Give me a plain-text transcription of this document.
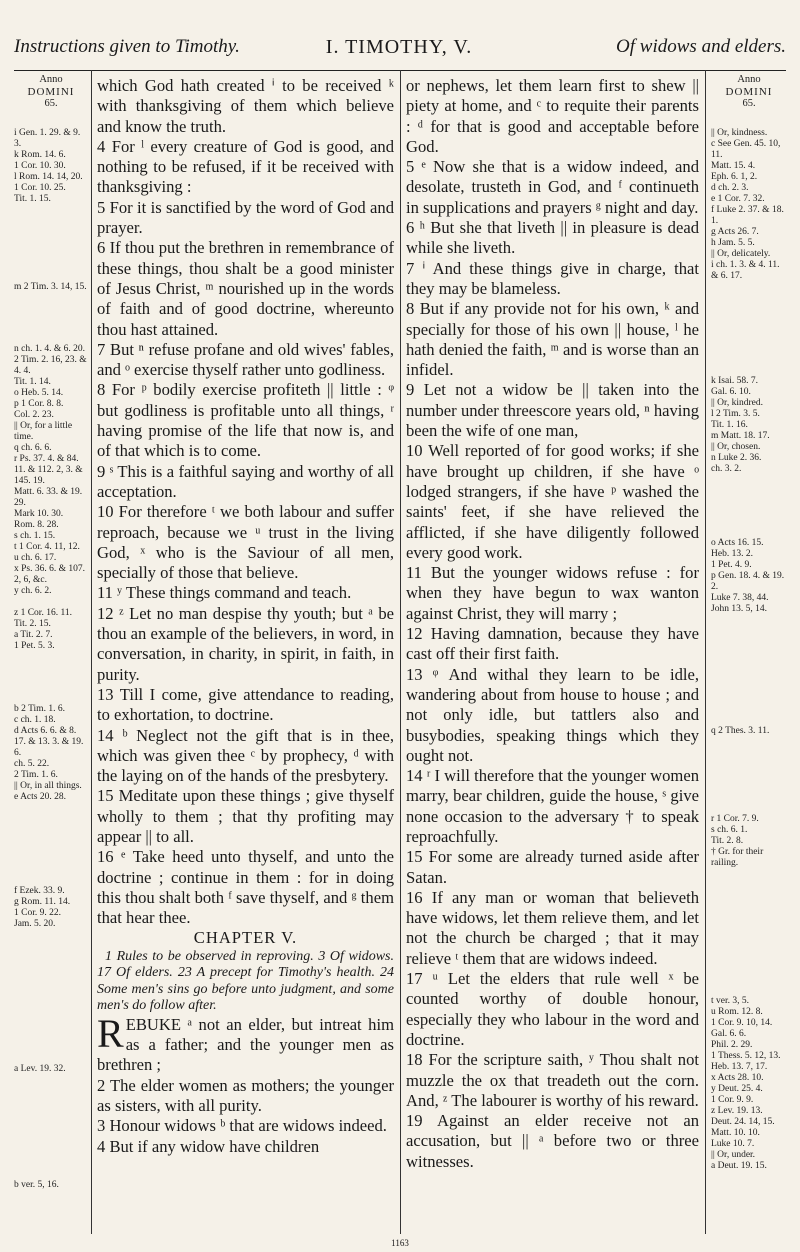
Instructions given to Timothy.	I. TIMOTHY, V.	Of widows and elders.
Anno
DOMINI
65.
i Gen. 1. 29. & 9. 3.
k Rom. 14. 6.
1 Cor. 10. 30.
l Rom. 14. 14, 20.
1 Cor. 10. 25.
Tit. 1. 15.
m 2 Tim. 3. 14, 15.
n ch. 1. 4. & 6. 20.
2 Tim. 2. 16, 23. & 4. 4.
Tit. 1. 14.
o Heb. 5. 14.
p 1 Cor. 8. 8.
Col. 2. 23.
|| Or, for a little time.
q ch. 6. 6.
r Ps. 37. 4. & 84. 11. & 112. 2, 3. & 145. 19.
Matt. 6. 33. & 19. 29.
Mark 10. 30.
Rom. 8. 28.
s ch. 1. 15.
t 1 Cor. 4. 11, 12.
u ch. 6. 17.
x Ps. 36. 6. & 107. 2, 6, &c.
y ch. 6. 2.
z 1 Cor. 16. 11.
Tit. 2. 15.
a Tit. 2. 7.
1 Pet. 5. 3.
b 2 Tim. 1. 6.
c ch. 1. 18.
d Acts 6. 6. & 8. 17. & 13. 3. & 19. 6.
ch. 5. 22.
2 Tim. 1. 6.
|| Or, in all things.
e Acts 20. 28.
f Ezek. 33. 9.
g Rom. 11. 14.
1 Cor. 9. 22.
Jam. 5. 20.
a Lev. 19. 32.
b ver. 5, 16.

which God hath created ⁱ to be received ᵏ with thanksgiving of them which believe and know the truth.

4 For ˡ every creature of God is good, and nothing to be refused, if it be received with thanksgiving :

5 For it is sanctified by the word of God and prayer.

6 If thou put the brethren in remembrance of these things, thou shalt be a good minister of Jesus Christ, ᵐ nourished up in the words of faith and of good doctrine, whereunto thou hast attained.

7 But ⁿ refuse profane and old wives' fables, and ᵒ exercise thyself rather unto godliness.

8 For ᵖ bodily exercise profiteth || little : ᵠ but godliness is profitable unto all things, ʳ having promise of the life that now is, and of that which is to come.

9 ˢ This is a faithful saying and worthy of all acceptation.

10 For therefore ᵗ we both labour and suffer reproach, because we ᵘ trust in the living God, ˣ who is the Saviour of all men, specially of those that believe.

11 ʸ These things command and teach.

12 ᶻ Let no man despise thy youth; but ᵃ be thou an example of the believers, in word, in conversation, in charity, in spirit, in faith, in purity.

13 Till I come, give attendance to reading, to exhortation, to doctrine.

14 ᵇ Neglect not the gift that is in thee, which was given thee ᶜ by prophecy, ᵈ with the laying on of the hands of the presbytery.

15 Meditate upon these things ; give thyself wholly to them ; that thy profiting may appear || to all.

16 ᵉ Take heed unto thyself, and unto the doctrine ; continue in them : for in doing this thou shalt both ᶠ save thyself, and ᵍ them that hear thee.

CHAPTER V.

1 Rules to be observed in reproving. 3 Of widows. 17 Of elders. 23 A precept for Timothy's health. 24 Some men's sins go before unto judgment, and some men's do follow after.

REBUKE ᵃ not an elder, but intreat him as a father; and the younger men as brethren ;

2 The elder women as mothers; the younger as sisters, with all purity.

3 Honour widows ᵇ that are widows indeed.

4 But if any widow have children

or nephews, let them learn first to shew || piety at home, and ᶜ to requite their parents : ᵈ for that is good and acceptable before God.

5 ᵉ Now she that is a widow indeed, and desolate, trusteth in God, and ᶠ continueth in supplications and prayers ᵍ night and day.

6 ʰ But she that liveth || in pleasure is dead while she liveth.

7 ⁱ And these things give in charge, that they may be blameless.

8 But if any provide not for his own, ᵏ and specially for those of his own || house, ˡ he hath denied the faith, ᵐ and is worse than an infidel.

9 Let not a widow be || taken into the number under threescore years old, ⁿ having been the wife of one man,

10 Well reported of for good works; if she have brought up children, if she have ᵒ lodged strangers, if she have ᵖ washed the saints' feet, if she have relieved the afflicted, if she have diligently followed every good work.

11 But the younger widows refuse : for when they have begun to wax wanton against Christ, they will marry ;

12 Having damnation, because they have cast off their first faith.

13 ᵠ And withal they learn to be idle, wandering about from house to house ; and not only idle, but tattlers also and busybodies, speaking things which they ought not.

14 ʳ I will therefore that the younger women marry, bear children, guide the house, ˢ give none occasion to the adversary † to speak reproachfully.

15 For some are already turned aside after Satan.

16 If any man or woman that believeth have widows, let them relieve them, and let not the church be charged ; that it may relieve ᵗ them that are widows indeed.

17 ᵘ Let the elders that rule well ˣ be counted worthy of double honour, especially they who labour in the word and doctrine.

18 For the scripture saith, ʸ Thou shalt not muzzle the ox that treadeth out the corn. And, ᶻ The labourer is worthy of his reward.

19 Against an elder receive not an accusation, but || ᵃ before two or three witnesses.

Anno
DOMINI
65.
|| Or, kindness.
c See Gen. 45. 10, 11.
Matt. 15. 4.
Eph. 6. 1, 2.
d ch. 2. 3.
e 1 Cor. 7. 32.
f Luke 2. 37. & 18. 1.
g Acts 26. 7.
h Jam. 5. 5.
|| Or, delicately.
i ch. 1. 3. & 4. 11. & 6. 17.
k Isai. 58. 7.
Gal. 6. 10.
|| Or, kindred.
l 2 Tim. 3. 5.
Tit. 1. 16.
m Matt. 18. 17.
|| Or, chosen.
n Luke 2. 36.
ch. 3. 2.
o Acts 16. 15.
Heb. 13. 2.
1 Pet. 4. 9.
p Gen. 18. 4. & 19. 2.
Luke 7. 38, 44.
John 13. 5, 14.
q 2 Thes. 3. 11.
r 1 Cor. 7. 9.
s ch. 6. 1.
Tit. 2. 8.
† Gr. for their railing.
t ver. 3, 5.
u Rom. 12. 8.
1 Cor. 9. 10, 14.
Gal. 6. 6.
Phil. 2. 29.
1 Thess. 5. 12, 13.
Heb. 13. 7, 17.
x Acts 28. 10.
y Deut. 25. 4.
1 Cor. 9. 9.
z Lev. 19. 13.
Deut. 24. 14, 15.
Matt. 10. 10.
Luke 10. 7.
|| Or, under.
a Deut. 19. 15.
1163
